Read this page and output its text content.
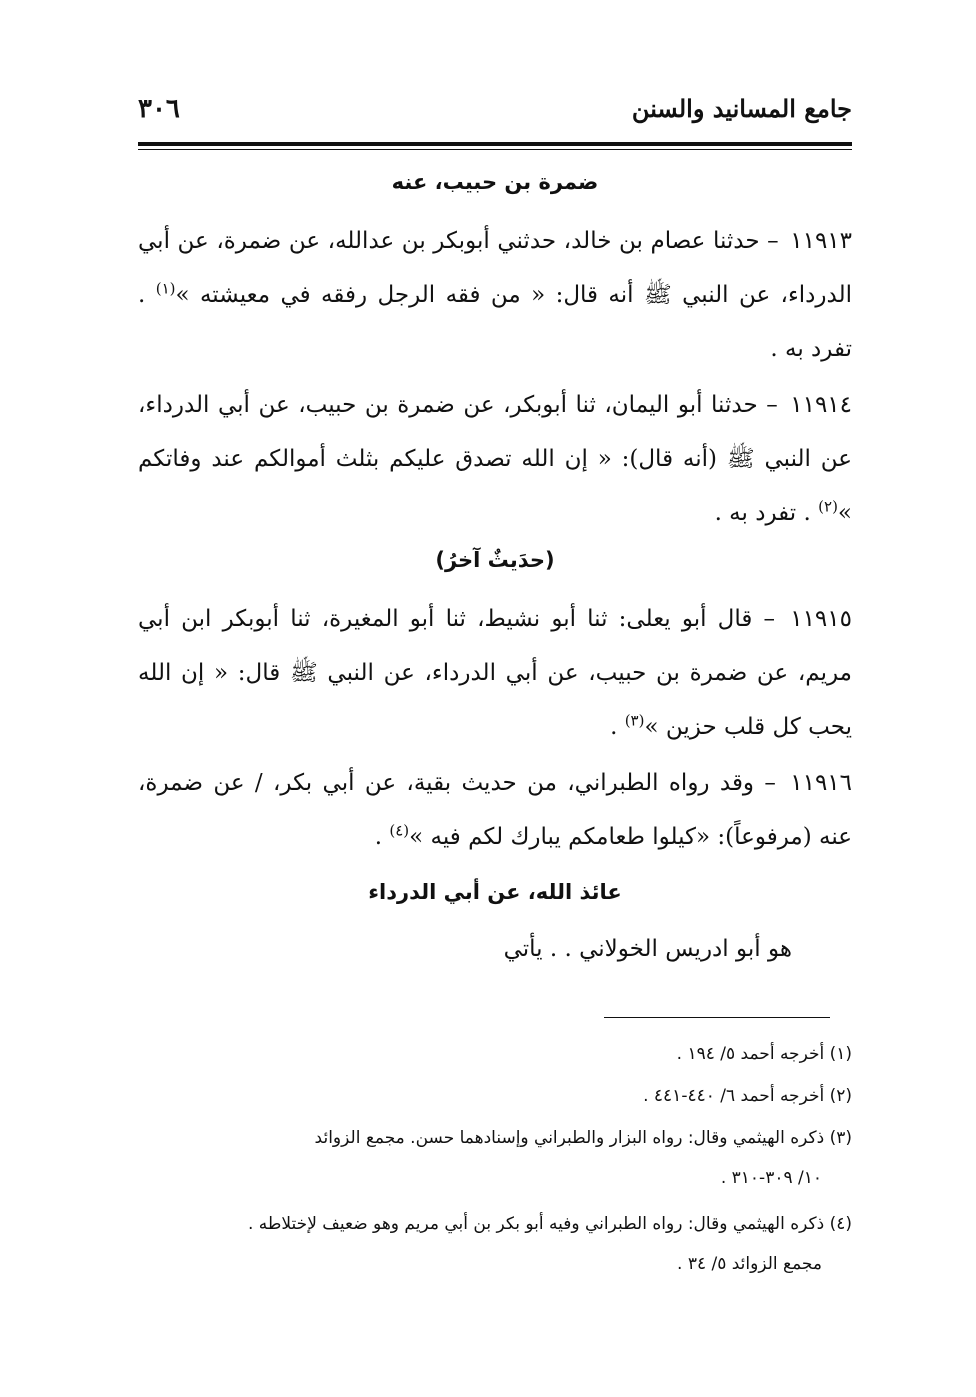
جامع المسانيد والسنن
٣٠٦
ضمرة بن حبيب، عنه
١١٩١٣ – حدثنا عصام بن خالد، حدثني أبوبكر بن عدالله، عن ضمرة، عن أبي الدرداء، عن النبي ﷺ أنه قال: « من فقه الرجل رفقه في معيشته »$^{(١)}$ . تفرد به .
١١٩١٤ – حدثنا أبو اليمان، ثنا أبوبكر، عن ضمرة بن حبيب، عن أبي الدرداء، عن النبي ﷺ (أنه قال): « إن الله تصدق عليكم بثلث أموالكم عند وفاتكم »$^{(٢)}$ . تفرد به .
(حدَيثٌ آخرُ)
١١٩١٥ – قال أبو يعلى: ثنا أبو نشيط، ثنا أبو المغيرة، ثنا أبوبكر ابن أبي مريم، عن ضمرة بن حبيب، عن أبي الدرداء، عن النبي ﷺ قال: « إن الله يحب كل قلب حزين »$^{(٣)}$ .
١١٩١٦ – وقد رواه الطبراني، من حديث بقية، عن أبي بكر، / عن ضمرة، عنه (مرفوعاً): «كيلوا طعامكم يبارك لكم فيه »$^{(٤)}$ .
عائذ الله، عن أبي الدرداء
هو أبو ادريس الخولاني . . يأتي
(١) أخرجه أحمد ٥/ ١٩٤ .
(٢) أخرجه أحمد ٦/ ٤٤٠-٤٤١ .
(٣) ذكره الهيثمي وقال: رواه البزار والطبراني وإسنادهما حسن. مجمع الزوائد
١٠/ ٣٠٩-٣١٠ .
(٤) ذكره الهيثمي وقال: رواه الطبراني وفيه أبو بكر بن أبي مريم وهو ضعيف لإختلاطه .
مجمع الزوائد ٥/ ٣٤ .
